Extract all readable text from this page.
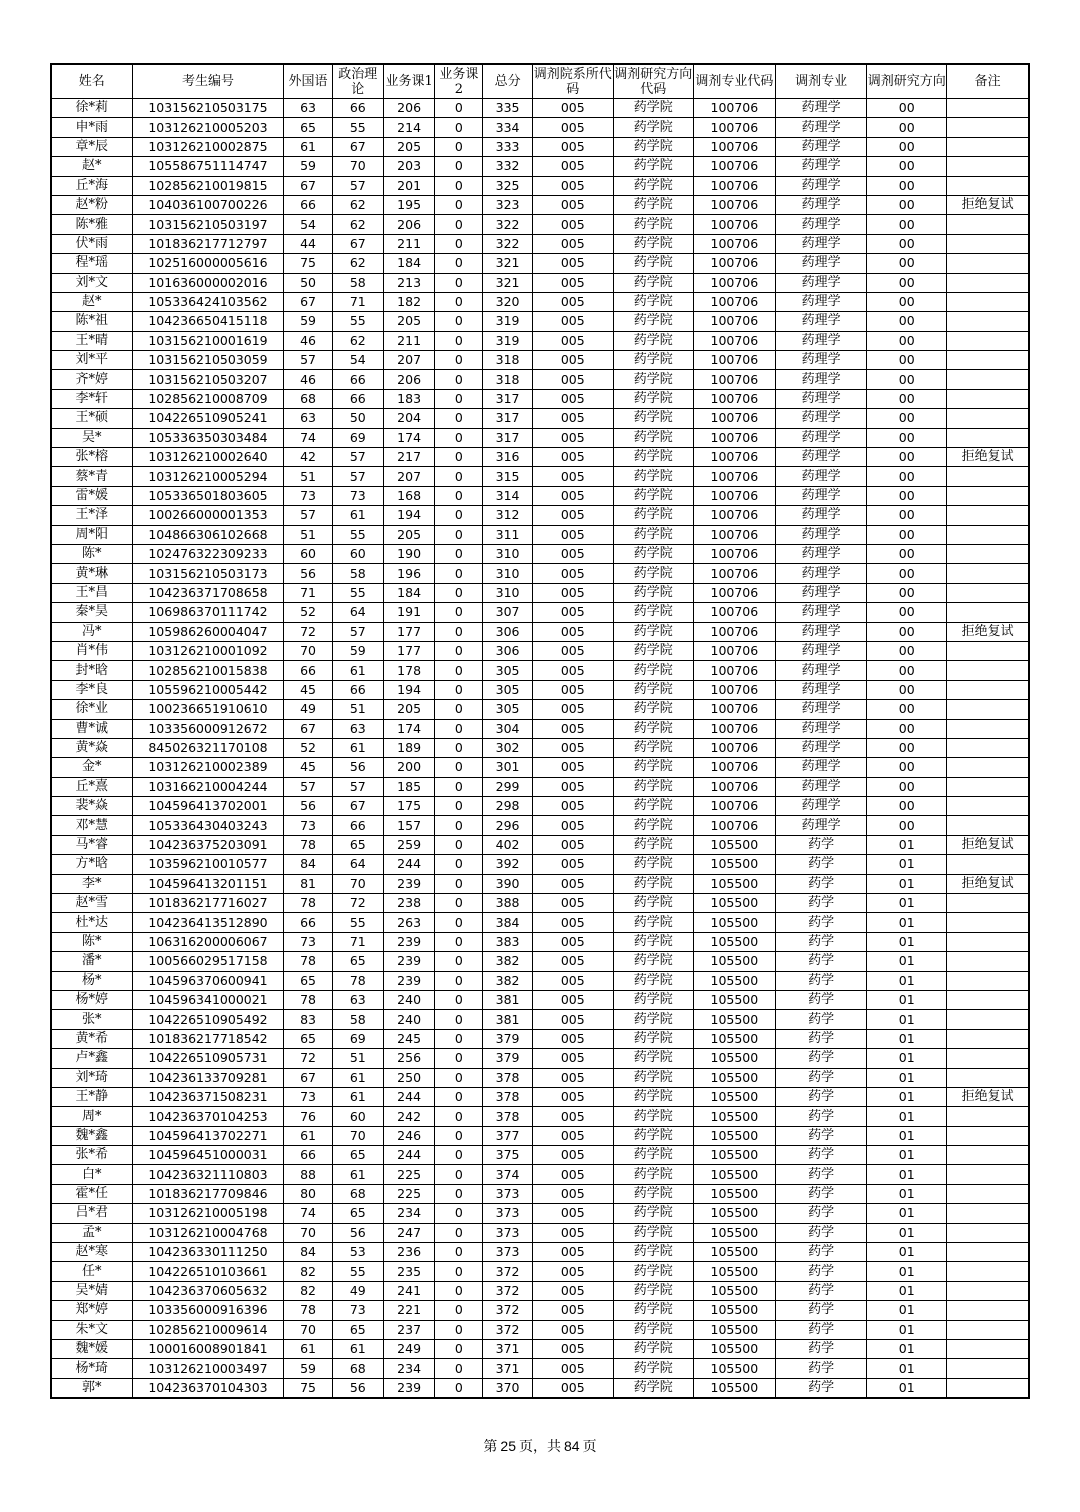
姓名	考生编号	外国语	政治理论	业务课1	业务课2	总分	调剂院系所代码	调剂研究方向代码	调剂专业代码	调剂专业	调剂研究方向	备注
徐*莉	103156210503175	63	66	206	0	335	005	药学院	100706	药理学	00	
申*雨	103126210005203	65	55	214	0	334	005	药学院	100706	药理学	00	
章*辰	103126210002875	61	67	205	0	333	005	药学院	100706	药理学	00	
赵*	105586751114747	59	70	203	0	332	005	药学院	100706	药理学	00	
丘*海	102856210019815	67	57	201	0	325	005	药学院	100706	药理学	00	
赵*粉	104036100700226	66	62	195	0	323	005	药学院	100706	药理学	00	拒绝复试
陈*雅	103156210503197	54	62	206	0	322	005	药学院	100706	药理学	00	
伏*雨	101836217712797	44	67	211	0	322	005	药学院	100706	药理学	00	
程*瑶	102516000005616	75	62	184	0	321	005	药学院	100706	药理学	00	
刘*文	101636000002016	50	58	213	0	321	005	药学院	100706	药理学	00	
赵*	105336424103562	67	71	182	0	320	005	药学院	100706	药理学	00	
陈*祖	104236650415118	59	55	205	0	319	005	药学院	100706	药理学	00	
王*晴	103156210001619	46	62	211	0	319	005	药学院	100706	药理学	00	
刘*平	103156210503059	57	54	207	0	318	005	药学院	100706	药理学	00	
齐*婷	103156210503207	46	66	206	0	318	005	药学院	100706	药理学	00	
李*轩	102856210008709	68	66	183	0	317	005	药学院	100706	药理学	00	
王*硕	104226510905241	63	50	204	0	317	005	药学院	100706	药理学	00	
吴*	105336350303484	74	69	174	0	317	005	药学院	100706	药理学	00	
张*榕	103126210002640	42	57	217	0	316	005	药学院	100706	药理学	00	拒绝复试
蔡*青	103126210005294	51	57	207	0	315	005	药学院	100706	药理学	00	
雷*媛	105336501803605	73	73	168	0	314	005	药学院	100706	药理学	00	
王*泽	100266000001353	57	61	194	0	312	005	药学院	100706	药理学	00	
周*阳	104866306102668	51	55	205	0	311	005	药学院	100706	药理学	00	
陈*	102476322309233	60	60	190	0	310	005	药学院	100706	药理学	00	
黄*琳	103156210503173	56	58	196	0	310	005	药学院	100706	药理学	00	
王*昌	104236371708658	71	55	184	0	310	005	药学院	100706	药理学	00	
秦*昊	106986370111742	52	64	191	0	307	005	药学院	100706	药理学	00	
冯*	105986260004047	72	57	177	0	306	005	药学院	100706	药理学	00	拒绝复试
肖*伟	103126210001092	70	59	177	0	306	005	药学院	100706	药理学	00	
封*晗	102856210015838	66	61	178	0	305	005	药学院	100706	药理学	00	
李*良	105596210005442	45	66	194	0	305	005	药学院	100706	药理学	00	
徐*业	100236651910610	49	51	205	0	305	005	药学院	100706	药理学	00	
曹*诚	103356000912672	67	63	174	0	304	005	药学院	100706	药理学	00	
黄*焱	845026321170108	52	61	189	0	302	005	药学院	100706	药理学	00	
金*	103126210002389	45	56	200	0	301	005	药学院	100706	药理学	00	
丘*熹	103166210004244	57	57	185	0	299	005	药学院	100706	药理学	00	
裴*焱	104596413702001	56	67	175	0	298	005	药学院	100706	药理学	00	
邓*慧	105336430403243	73	66	157	0	296	005	药学院	100706	药理学	00	
马*睿	104236375203091	78	65	259	0	402	005	药学院	105500	药学	01	拒绝复试
方*晗	103596210010577	84	64	244	0	392	005	药学院	105500	药学	01	
李*	104596413201151	81	70	239	0	390	005	药学院	105500	药学	01	拒绝复试
赵*雪	101836217716027	78	72	238	0	388	005	药学院	105500	药学	01	
杜*达	104236413512890	66	55	263	0	384	005	药学院	105500	药学	01	
陈*	106316200006067	73	71	239	0	383	005	药学院	105500	药学	01	
潘*	100566029517158	78	65	239	0	382	005	药学院	105500	药学	01	
杨*	104596370600941	65	78	239	0	382	005	药学院	105500	药学	01	
杨*婷	104596341000021	78	63	240	0	381	005	药学院	105500	药学	01	
张*	104226510905492	83	58	240	0	381	005	药学院	105500	药学	01	
黄*希	101836217718542	65	69	245	0	379	005	药学院	105500	药学	01	
卢*鑫	104226510905731	72	51	256	0	379	005	药学院	105500	药学	01	
刘*琦	104236133709281	67	61	250	0	378	005	药学院	105500	药学	01	
王*静	104236371508231	73	61	244	0	378	005	药学院	105500	药学	01	拒绝复试
周*	104236370104253	76	60	242	0	378	005	药学院	105500	药学	01	
魏*鑫	104596413702271	61	70	246	0	377	005	药学院	105500	药学	01	
张*希	104596451000031	66	65	244	0	375	005	药学院	105500	药学	01	
白*	104236321110803	88	61	225	0	374	005	药学院	105500	药学	01	
霍*任	101836217709846	80	68	225	0	373	005	药学院	105500	药学	01	
吕*君	103126210005198	74	65	234	0	373	005	药学院	105500	药学	01	
孟*	103126210004768	70	56	247	0	373	005	药学院	105500	药学	01	
赵*寒	104236330111250	84	53	236	0	373	005	药学院	105500	药学	01	
任*	104226510103661	82	55	235	0	372	005	药学院	105500	药学	01	
吴*婧	104236370605632	82	49	241	0	372	005	药学院	105500	药学	01	
郑*婷	103356000916396	78	73	221	0	372	005	药学院	105500	药学	01	
朱*文	102856210009614	70	65	237	0	372	005	药学院	105500	药学	01	
魏*媛	100016008901841	61	61	249	0	371	005	药学院	105500	药学	01	
杨*琦	103126210003497	59	68	234	0	371	005	药学院	105500	药学	01	
郭*	104236370104303	75	56	239	0	370	005	药学院	105500	药学	01	
第 25 页，共 84 页
